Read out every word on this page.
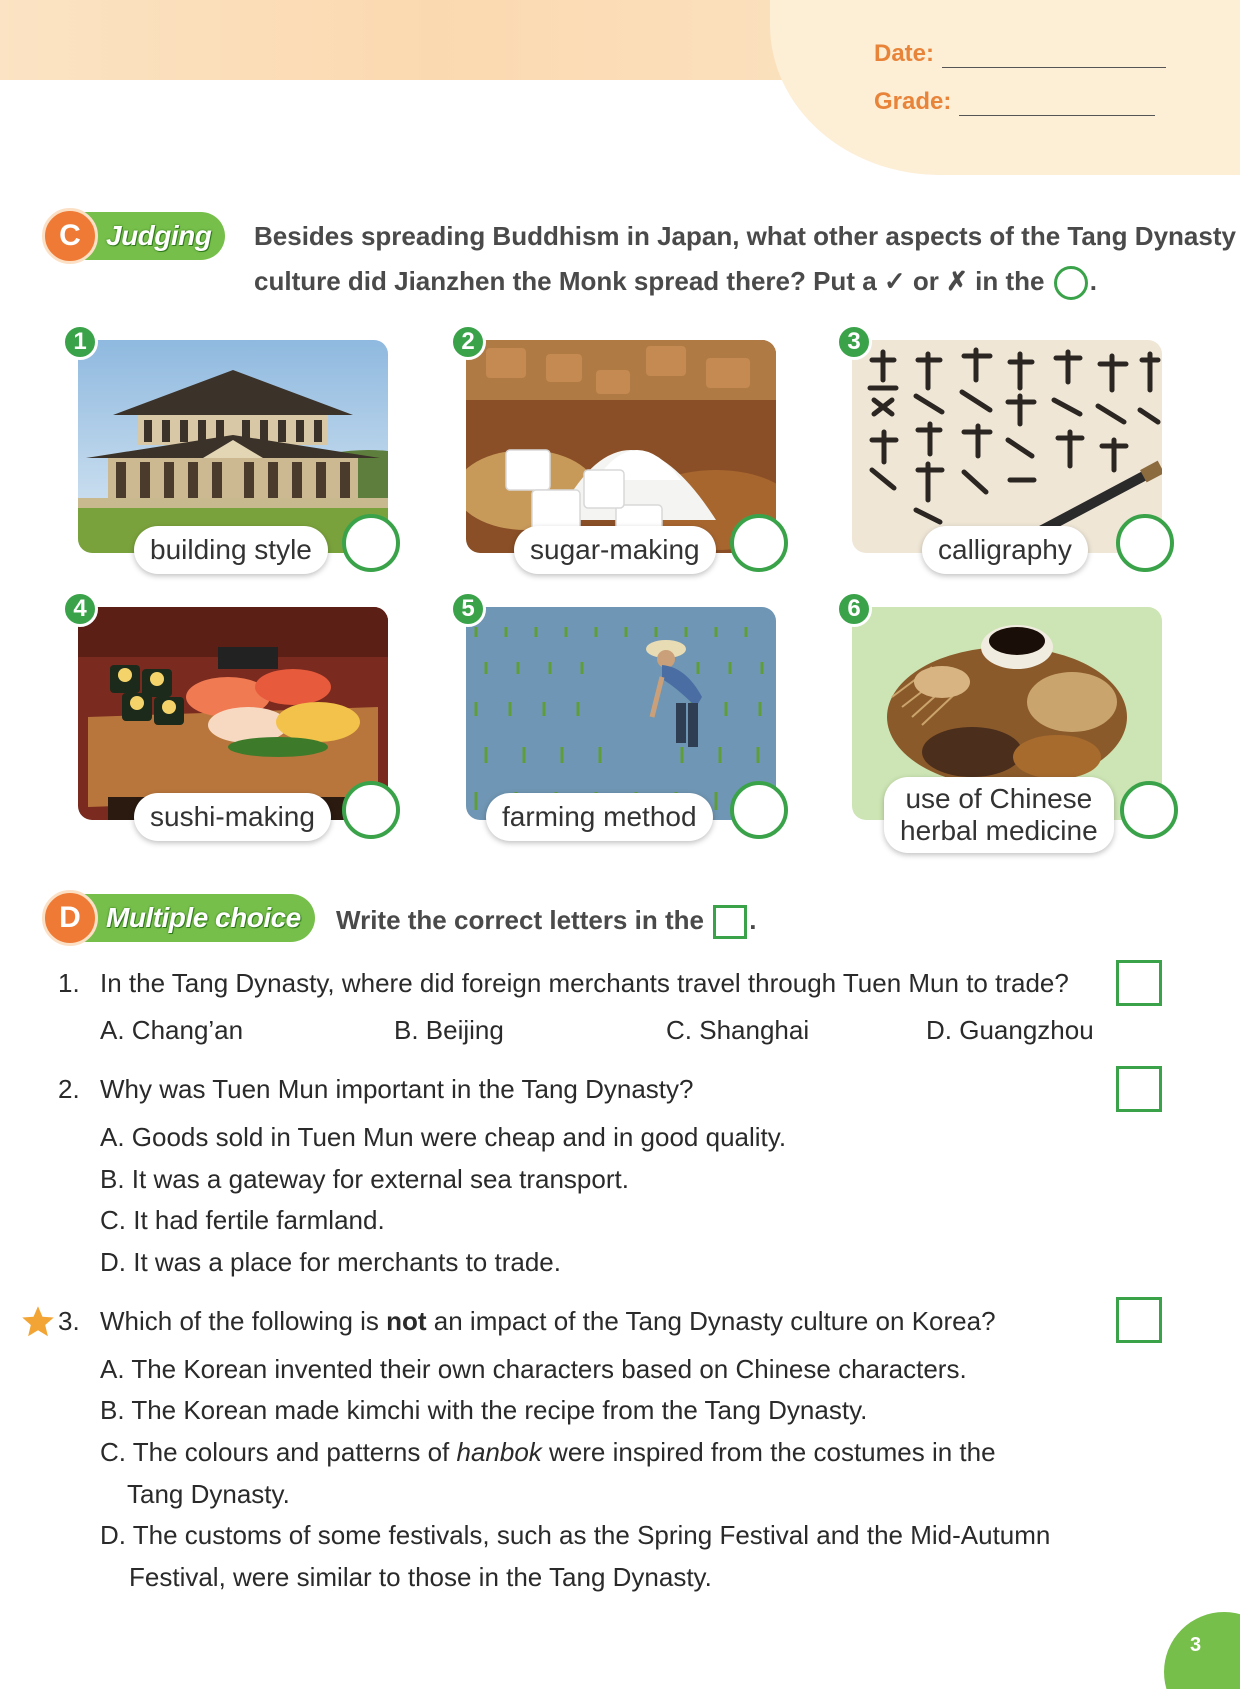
Date:
Grade:
C Judging	Besides spreading Buddhism in Japan, what other aspects of the Tang Dynasty
culture did Jianzhen the Monk spread there? Put a ✓ or ✗ in the .
1
building style
2
sugar-making
3
calligraphy
4
sushi-making
5
farming method
6
use of Chinese
herbal medicine
D Multiple choice	Write the correct letters in the .
1. In the Tang Dynasty, where did foreign merchants travel through Tuen Mun to trade?
A. Chang’an	B. Beijing	C. Shanghai	D. Guangzhou
2. Why was Tuen Mun important in the Tang Dynasty?
A. Goods sold in Tuen Mun were cheap and in good quality.
B. It was a gateway for external sea transport.
C. It had fertile farmland.
D. It was a place for merchants to trade.
3. Which of the following is not an impact of the Tang Dynasty culture on Korea?
A. The Korean invented their own characters based on Chinese characters.
B. The Korean made kimchi with the recipe from the Tang Dynasty.
C. The colours and patterns of hanbok were inspired from the costumes in the
Tang Dynasty.
D. The customs of some festivals, such as the Spring Festival and the Mid-Autumn
Festival, were similar to those in the Tang Dynasty.
3
